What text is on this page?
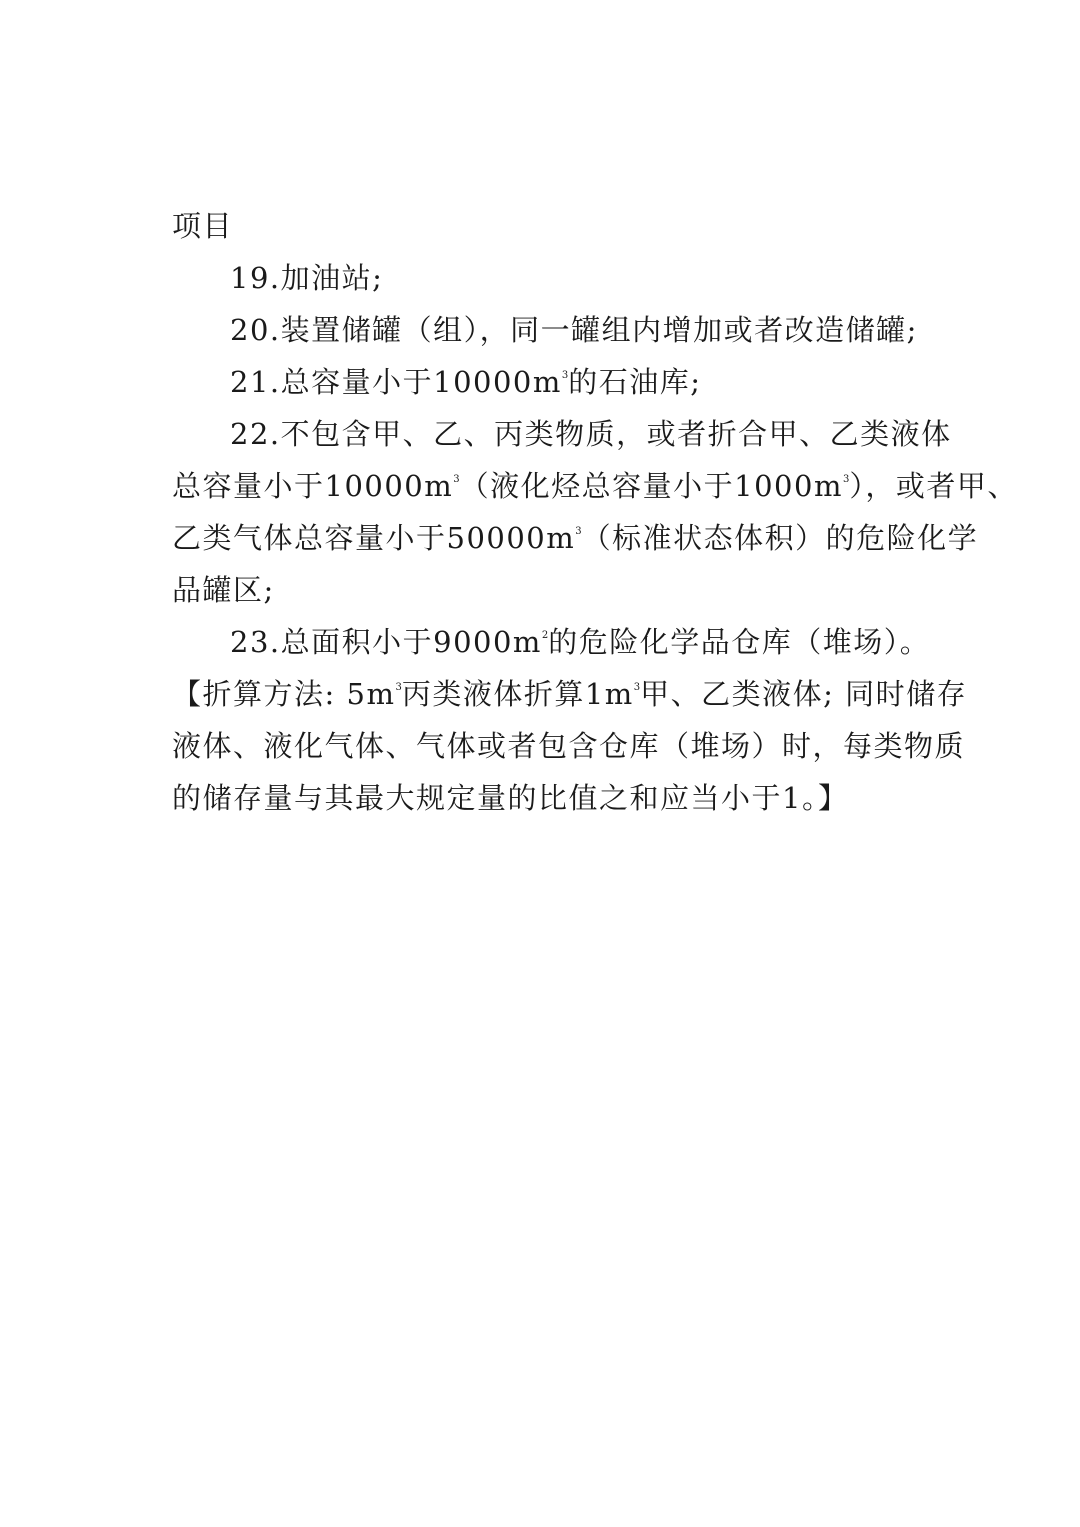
项目

19.加油站;

20.装置储罐（组），同一罐组内增加或者改造储罐;

21.总容量小于$10000m^3$的石油库;

22.不包含甲、乙、丙类物质，或者折合甲、乙类液体

总容量小于$10000m^3$（液化烃总容量小于$1000m^3$），或者甲、

乙类气体总容量小于$50000m^3$（标准状态体积）的危险化学

品罐区;

23.总面积小于$9000m^2$的危险化学品仓库（堆场）。

【折算方法: $5m^3$丙类液体折算$1m^3$甲、乙类液体; 同时储存

液体、液化气体、气体或者包含仓库（堆场）时，每类物质

的储存量与其最大规定量的比值之和应当小于1。】
